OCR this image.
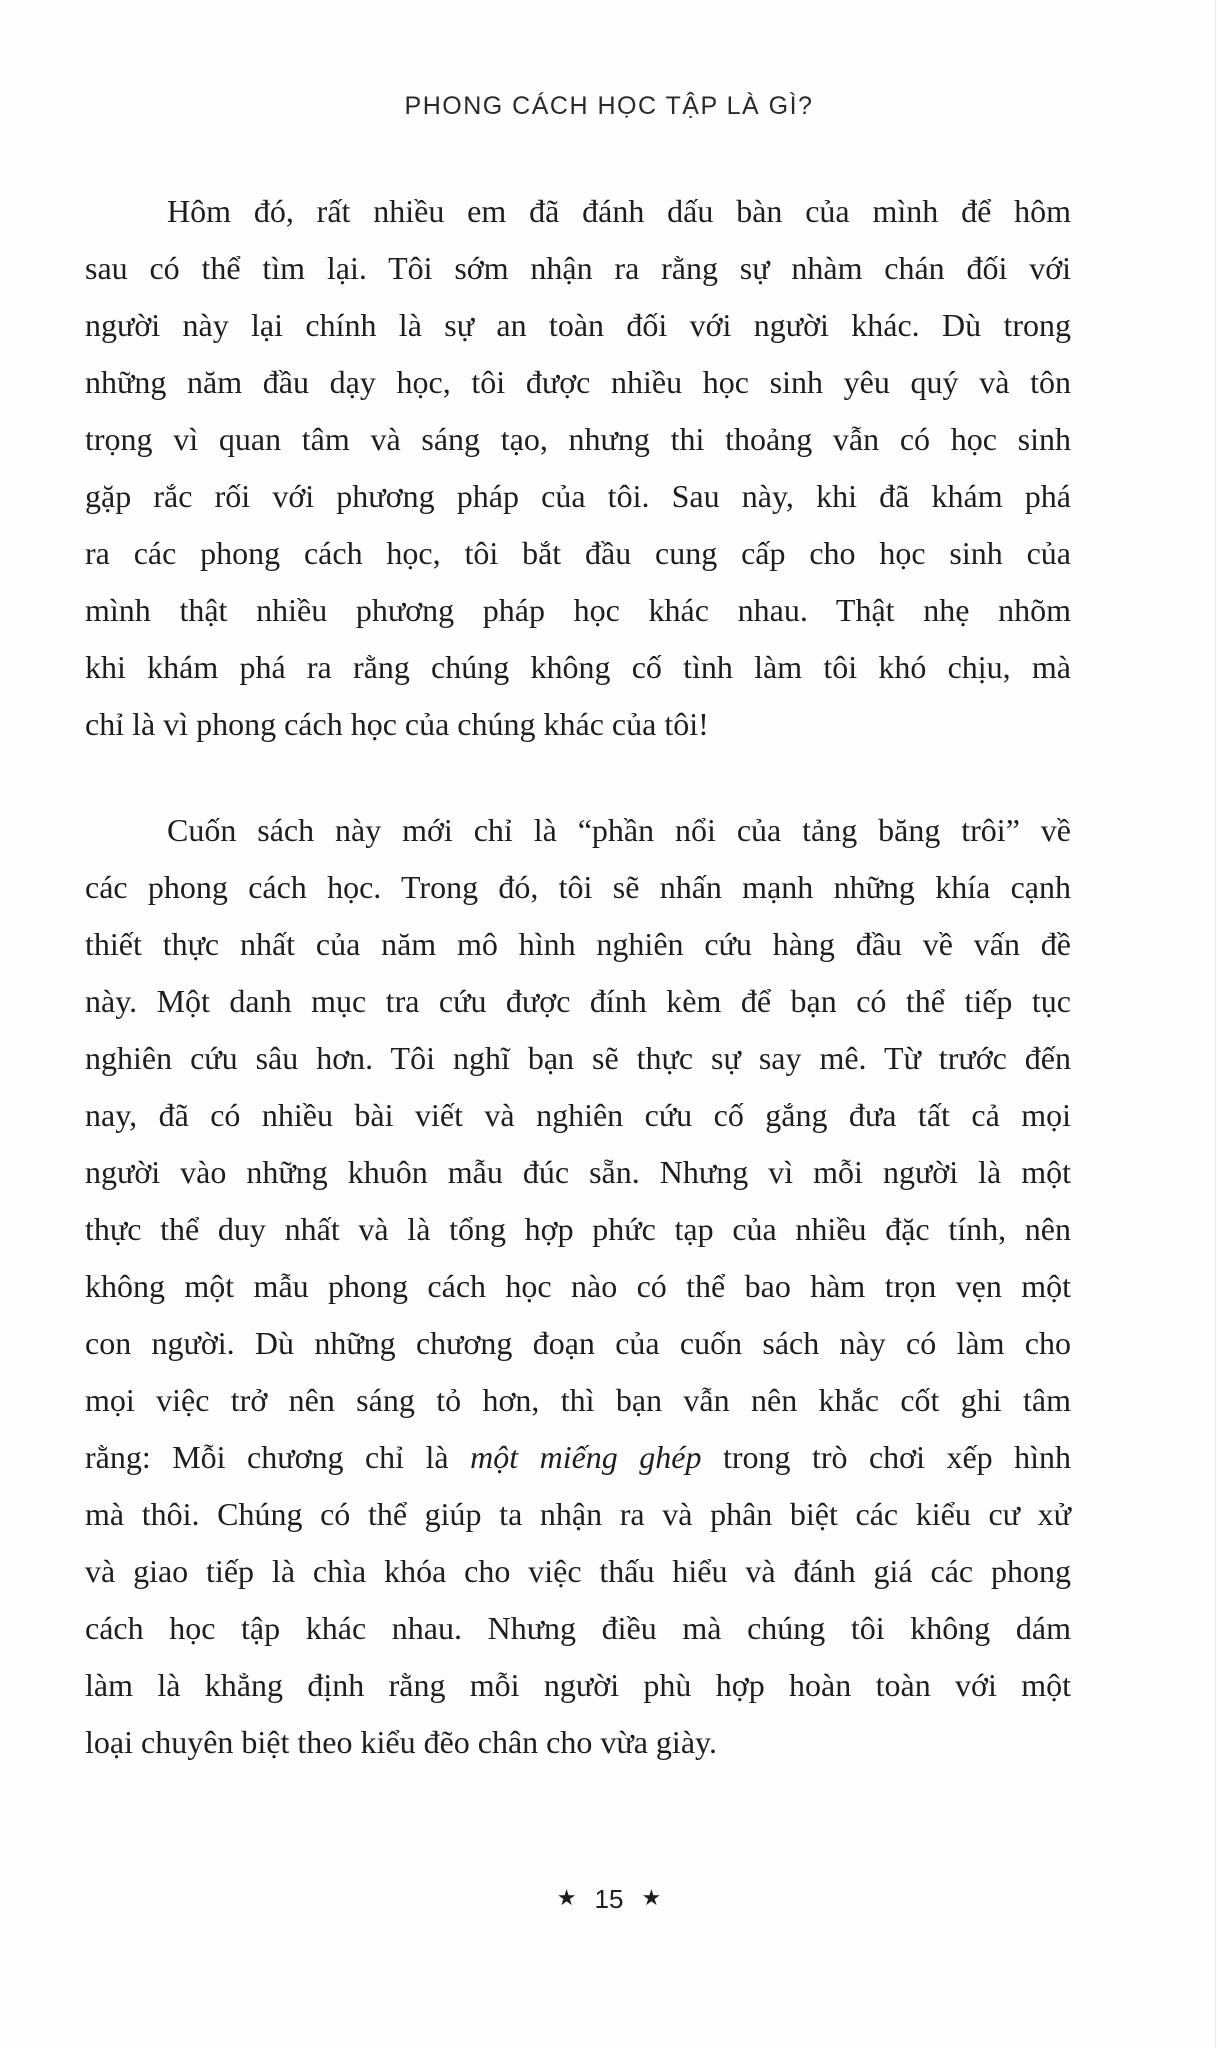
PHONG CÁCH HỌC TẬP LÀ GÌ?
Hôm đó, rất nhiều em đã đánh dấu bàn của mình để hôm
sau có thể tìm lại. Tôi sớm nhận ra rằng sự nhàm chán đối với
người này lại chính là sự an toàn đối với người khác. Dù trong
những năm đầu dạy học, tôi được nhiều học sinh yêu quý và tôn
trọng vì quan tâm và sáng tạo, nhưng thi thoảng vẫn có học sinh
gặp rắc rối với phương pháp của tôi. Sau này, khi đã khám phá
ra các phong cách học, tôi bắt đầu cung cấp cho học sinh của
mình thật nhiều phương pháp học khác nhau. Thật nhẹ nhõm
khi khám phá ra rằng chúng không cố tình làm tôi khó chịu, mà
chỉ là vì phong cách học của chúng khác của tôi!
Cuốn sách này mới chỉ là “phần nổi của tảng băng trôi” về
các phong cách học. Trong đó, tôi sẽ nhấn mạnh những khía cạnh
thiết thực nhất của năm mô hình nghiên cứu hàng đầu về vấn đề
này. Một danh mục tra cứu được đính kèm để bạn có thể tiếp tục
nghiên cứu sâu hơn. Tôi nghĩ bạn sẽ thực sự say mê. Từ trước đến
nay, đã có nhiều bài viết và nghiên cứu cố gắng đưa tất cả mọi
người vào những khuôn mẫu đúc sẵn. Nhưng vì mỗi người là một
thực thể duy nhất và là tổng hợp phức tạp của nhiều đặc tính, nên
không một mẫu phong cách học nào có thể bao hàm trọn vẹn một
con người. Dù những chương đoạn của cuốn sách này có làm cho
mọi việc trở nên sáng tỏ hơn, thì bạn vẫn nên khắc cốt ghi tâm
rằng: Mỗi chương chỉ là một miếng ghép trong trò chơi xếp hình
mà thôi. Chúng có thể giúp ta nhận ra và phân biệt các kiểu cư xử
và giao tiếp là chìa khóa cho việc thấu hiểu và đánh giá các phong
cách học tập khác nhau. Nhưng điều mà chúng tôi không dám
làm là khẳng định rằng mỗi người phù hợp hoàn toàn với một
loại chuyên biệt theo kiểu đẽo chân cho vừa giày.
★ 15 ★
